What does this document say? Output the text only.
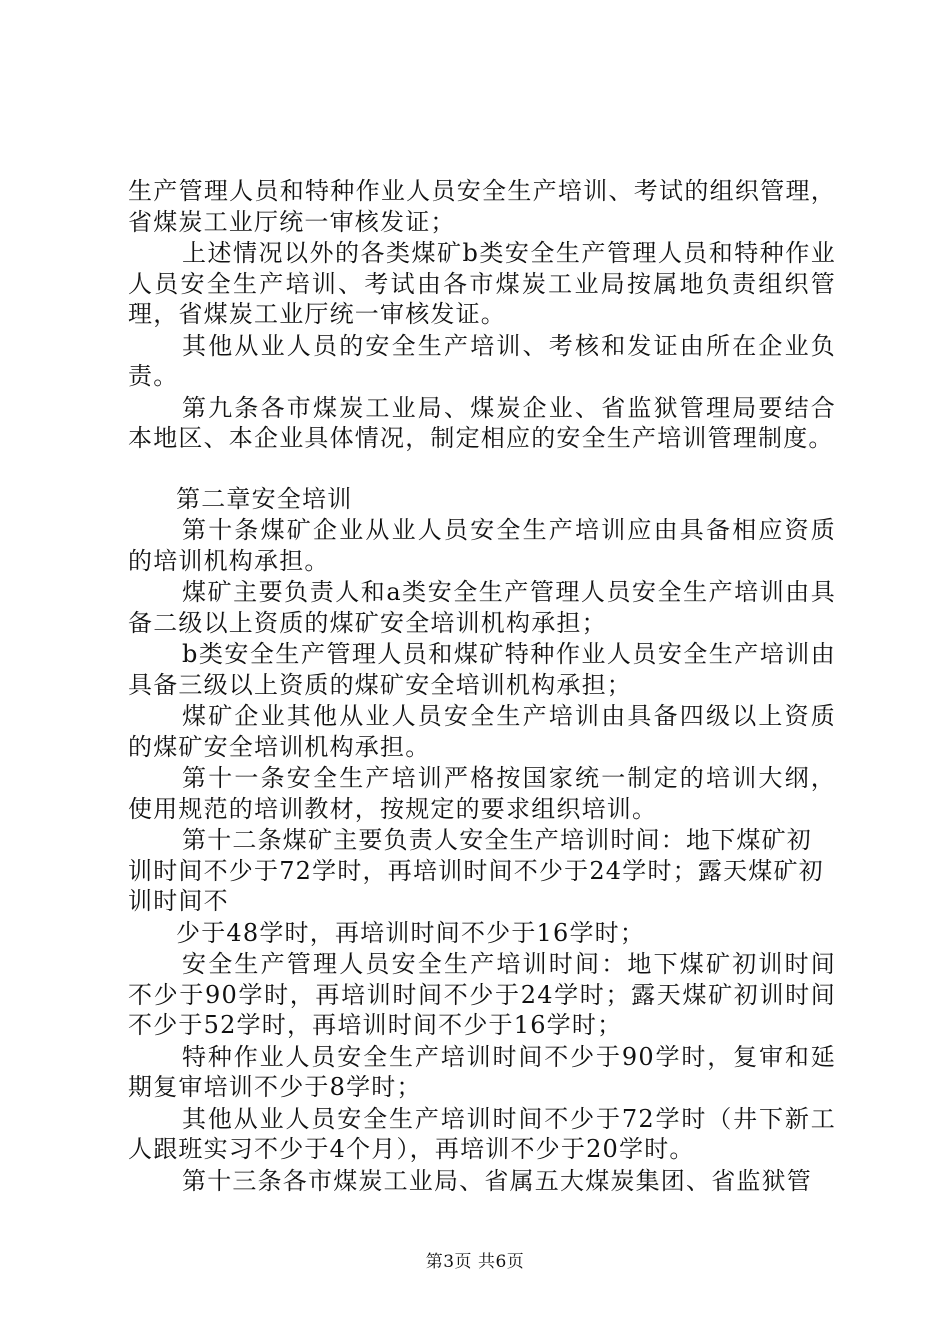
生产管理人员和特种作业人员安全生产培训、考试的组织管理，省煤炭工业厅统一审核发证；

上述情况以外的各类煤矿b类安全生产管理人员和特种作业人员安全生产培训、考试由各市煤炭工业局按属地负责组织管理，省煤炭工业厅统一审核发证。

其他从业人员的安全生产培训、考核和发证由所在企业负责。

第九条各市煤炭工业局、煤炭企业、省监狱管理局要结合本地区、本企业具体情况，制定相应的安全生产培训管理制度。

第二章安全培训

第十条煤矿企业从业人员安全生产培训应由具备相应资质的培训机构承担。

煤矿主要负责人和a类安全生产管理人员安全生产培训由具备二级以上资质的煤矿安全培训机构承担；

b类安全生产管理人员和煤矿特种作业人员安全生产培训由具备三级以上资质的煤矿安全培训机构承担；

煤矿企业其他从业人员安全生产培训由具备四级以上资质的煤矿安全培训机构承担。

第十一条安全生产培训严格按国家统一制定的培训大纲，使用规范的培训教材，按规定的要求组织培训。

第十二条煤矿主要负责人安全生产培训时间：地下煤矿初训时间不少于72学时，再培训时间不少于24学时；露天煤矿初训时间不

少于48学时，再培训时间不少于16学时；

安全生产管理人员安全生产培训时间：地下煤矿初训时间不少于90学时，再培训时间不少于24学时；露天煤矿初训时间不少于52学时，再培训时间不少于16学时；

特种作业人员安全生产培训时间不少于90学时，复审和延期复审培训不少于8学时；

其他从业人员安全生产培训时间不少于72学时（井下新工人跟班实习不少于4个月），再培训不少于20学时。

第十三条各市煤炭工业局、省属五大煤炭集团、省监狱管

第3页 共6页
